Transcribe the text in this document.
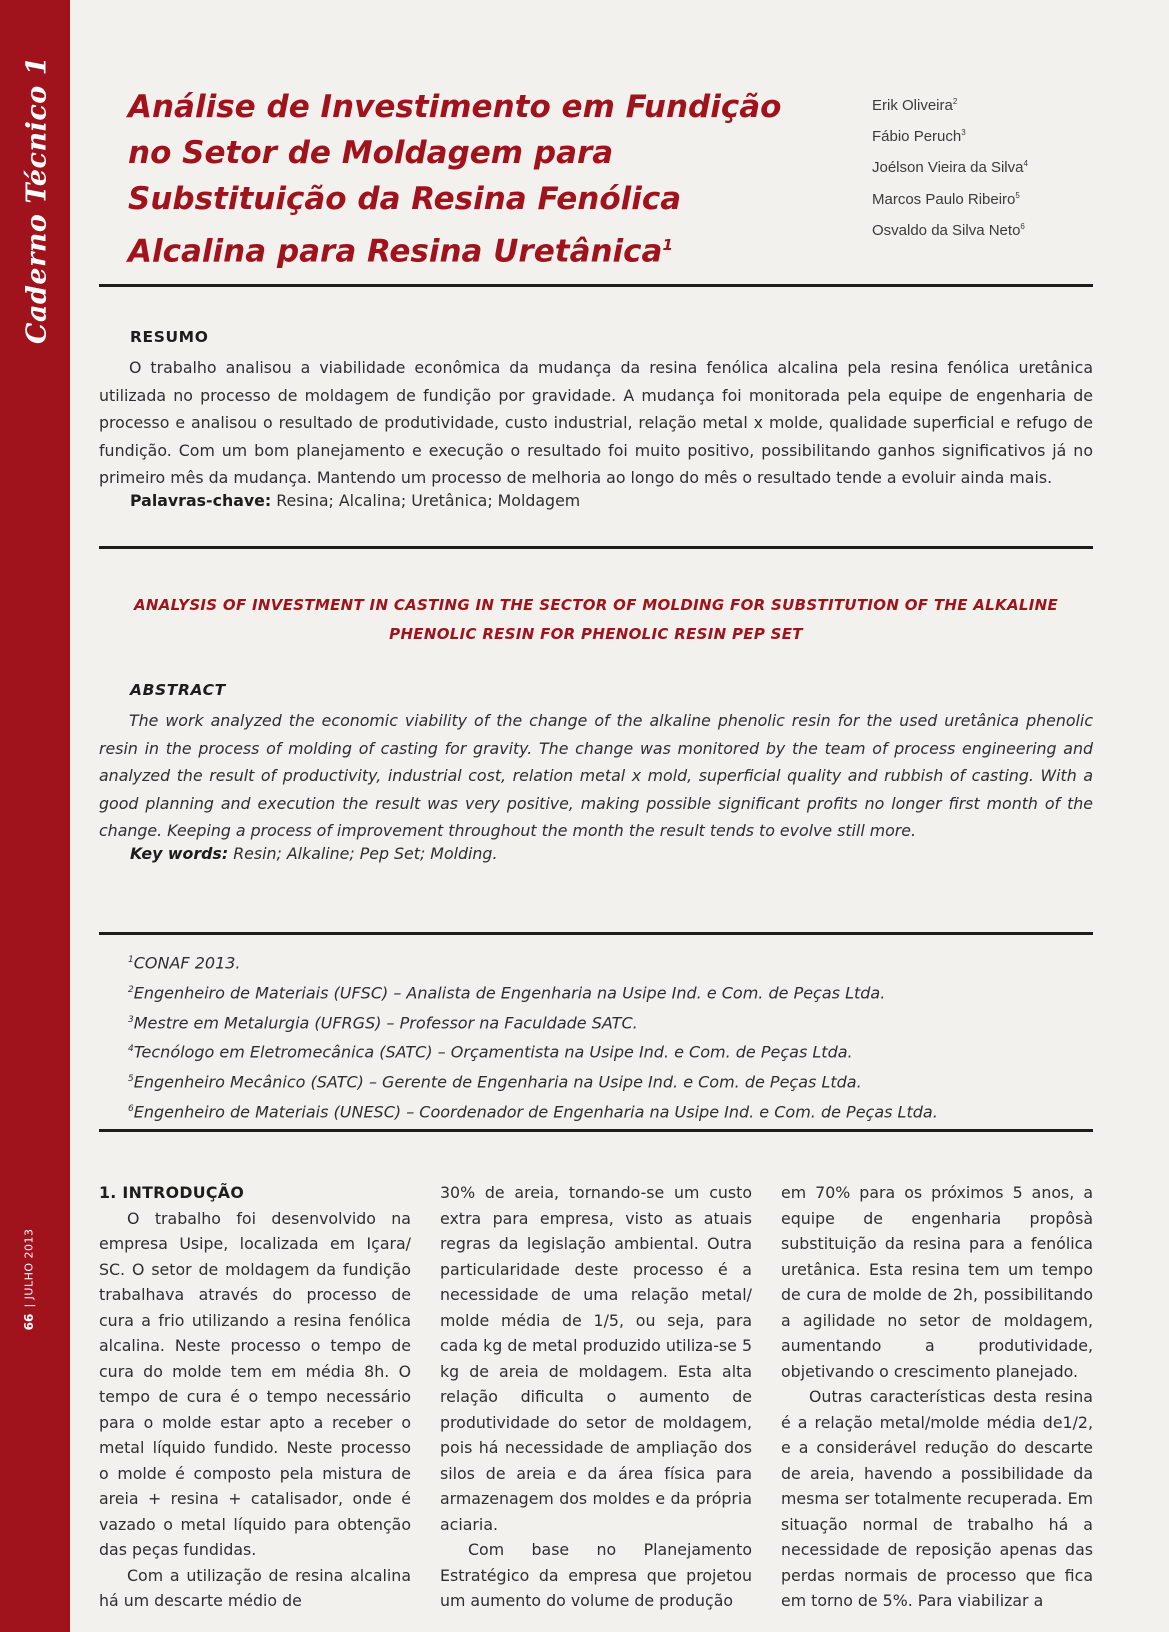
Caderno Técnico 1
| JULHO 2013
66
Análise de Investimento em Fundição no Setor de Moldagem para Substituição da Resina Fenólica Alcalina para Resina Uretânica$^1$
Erik Oliveira$^2$
Fábio Peruch$^3$
Joélson Vieira da Silva$^4$
Marcos Paulo Ribeiro$^5$
Osvaldo da Silva Neto$^6$
RESUMO

O trabalho analisou a viabilidade econômica da mudança da resina fenólica alcalina pela resina fenólica uretânica utilizada no processo de moldagem de fundição por gravidade. A mudança foi monitorada pela equipe de engenharia de processo e analisou o resultado de produtividade, custo industrial, relação metal x molde, qualidade superficial e refugo de fundição. Com um bom planejamento e execução o resultado foi muito positivo, possibilitando ganhos significativos já no primeiro mês da mudança. Mantendo um processo de melhoria ao longo do mês o resultado tende a evoluir ainda mais.

Palavras-chave: Resina; Alcalina; Uretânica; Moldagem

ANALYSIS OF INVESTMENT IN CASTING IN THE SECTOR OF MOLDING FOR SUBSTITUTION OF THE ALKALINE
PHENOLIC RESIN FOR PHENOLIC RESIN PEP SET

ABSTRACT

The work analyzed the economic viability of the change of the alkaline phenolic resin for the used uretânica phenolic resin in the process of molding of casting for gravity. The change was monitored by the team of process engineering and analyzed the result of productivity, industrial cost, relation metal x mold, superficial quality and rubbish of casting. With a good planning and execution the result was very positive, making possible significant profits no longer first month of the change. Keeping a process of improvement throughout the month the result tends to evolve still more.

Key words: Resin; Alkaline; Pep Set; Molding.

$^1$CONAF 2013.
$^2$Engenheiro de Materiais (UFSC) – Analista de Engenharia na Usipe Ind. e Com. de Peças Ltda.
$^3$Mestre em Metalurgia (UFRGS) – Professor na Faculdade SATC.
$^4$Tecnólogo em Eletromecânica (SATC) – Orçamentista na Usipe Ind. e Com. de Peças Ltda.
$^5$Engenheiro Mecânico (SATC) – Gerente de Engenharia na Usipe Ind. e Com. de Peças Ltda.
$^6$Engenheiro de Materiais (UNESC) – Coordenador de Engenharia na Usipe Ind. e Com. de Peças Ltda.

1. INTRODUÇÃO

O trabalho foi desenvolvido na empresa Usipe, localizada em Içara/ SC. O setor de moldagem da fundição trabalhava através do processo de cura a frio utilizando a resina fenólica alcalina. Neste processo o tempo de cura do molde tem em média 8h. O tempo de cura é o tempo necessário para o molde estar apto a receber o metal líquido fundido. Neste processo o molde é composto pela mistura de areia + resina + catalisador, onde é vazado o metal líquido para obtenção das peças fundidas.

Com a utilização de resina alcalina há um descarte médio de

30% de areia, tornando-se um custo extra para empresa, visto as atuais regras da legislação ambiental. Outra particularidade deste processo é a necessidade de uma relação metal/ molde média de 1/5, ou seja, para cada kg de metal produzido utiliza-se 5 kg de areia de moldagem. Esta alta relação dificulta o aumento de produtividade do setor de moldagem, pois há necessidade de ampliação dos silos de areia e da área física para armazenagem dos moldes e da própria aciaria.

Com base no Planejamento Estratégico da empresa que projetou um aumento do volume de produção

em 70% para os próximos 5 anos, a equipe de engenharia propôsà substituição da resina para a fenólica uretânica. Esta resina tem um tempo de cura de molde de 2h, possibilitando a agilidade no setor de moldagem, aumentando a produtividade, objetivando o crescimento planejado.

Outras características desta resina é a relação metal/molde média de1/2, e a considerável redução do descarte de areia, havendo a possibilidade da mesma ser totalmente recuperada. Em situação normal de trabalho há a necessidade de reposição apenas das perdas normais de processo que fica em torno de 5%. Para viabilizar a
